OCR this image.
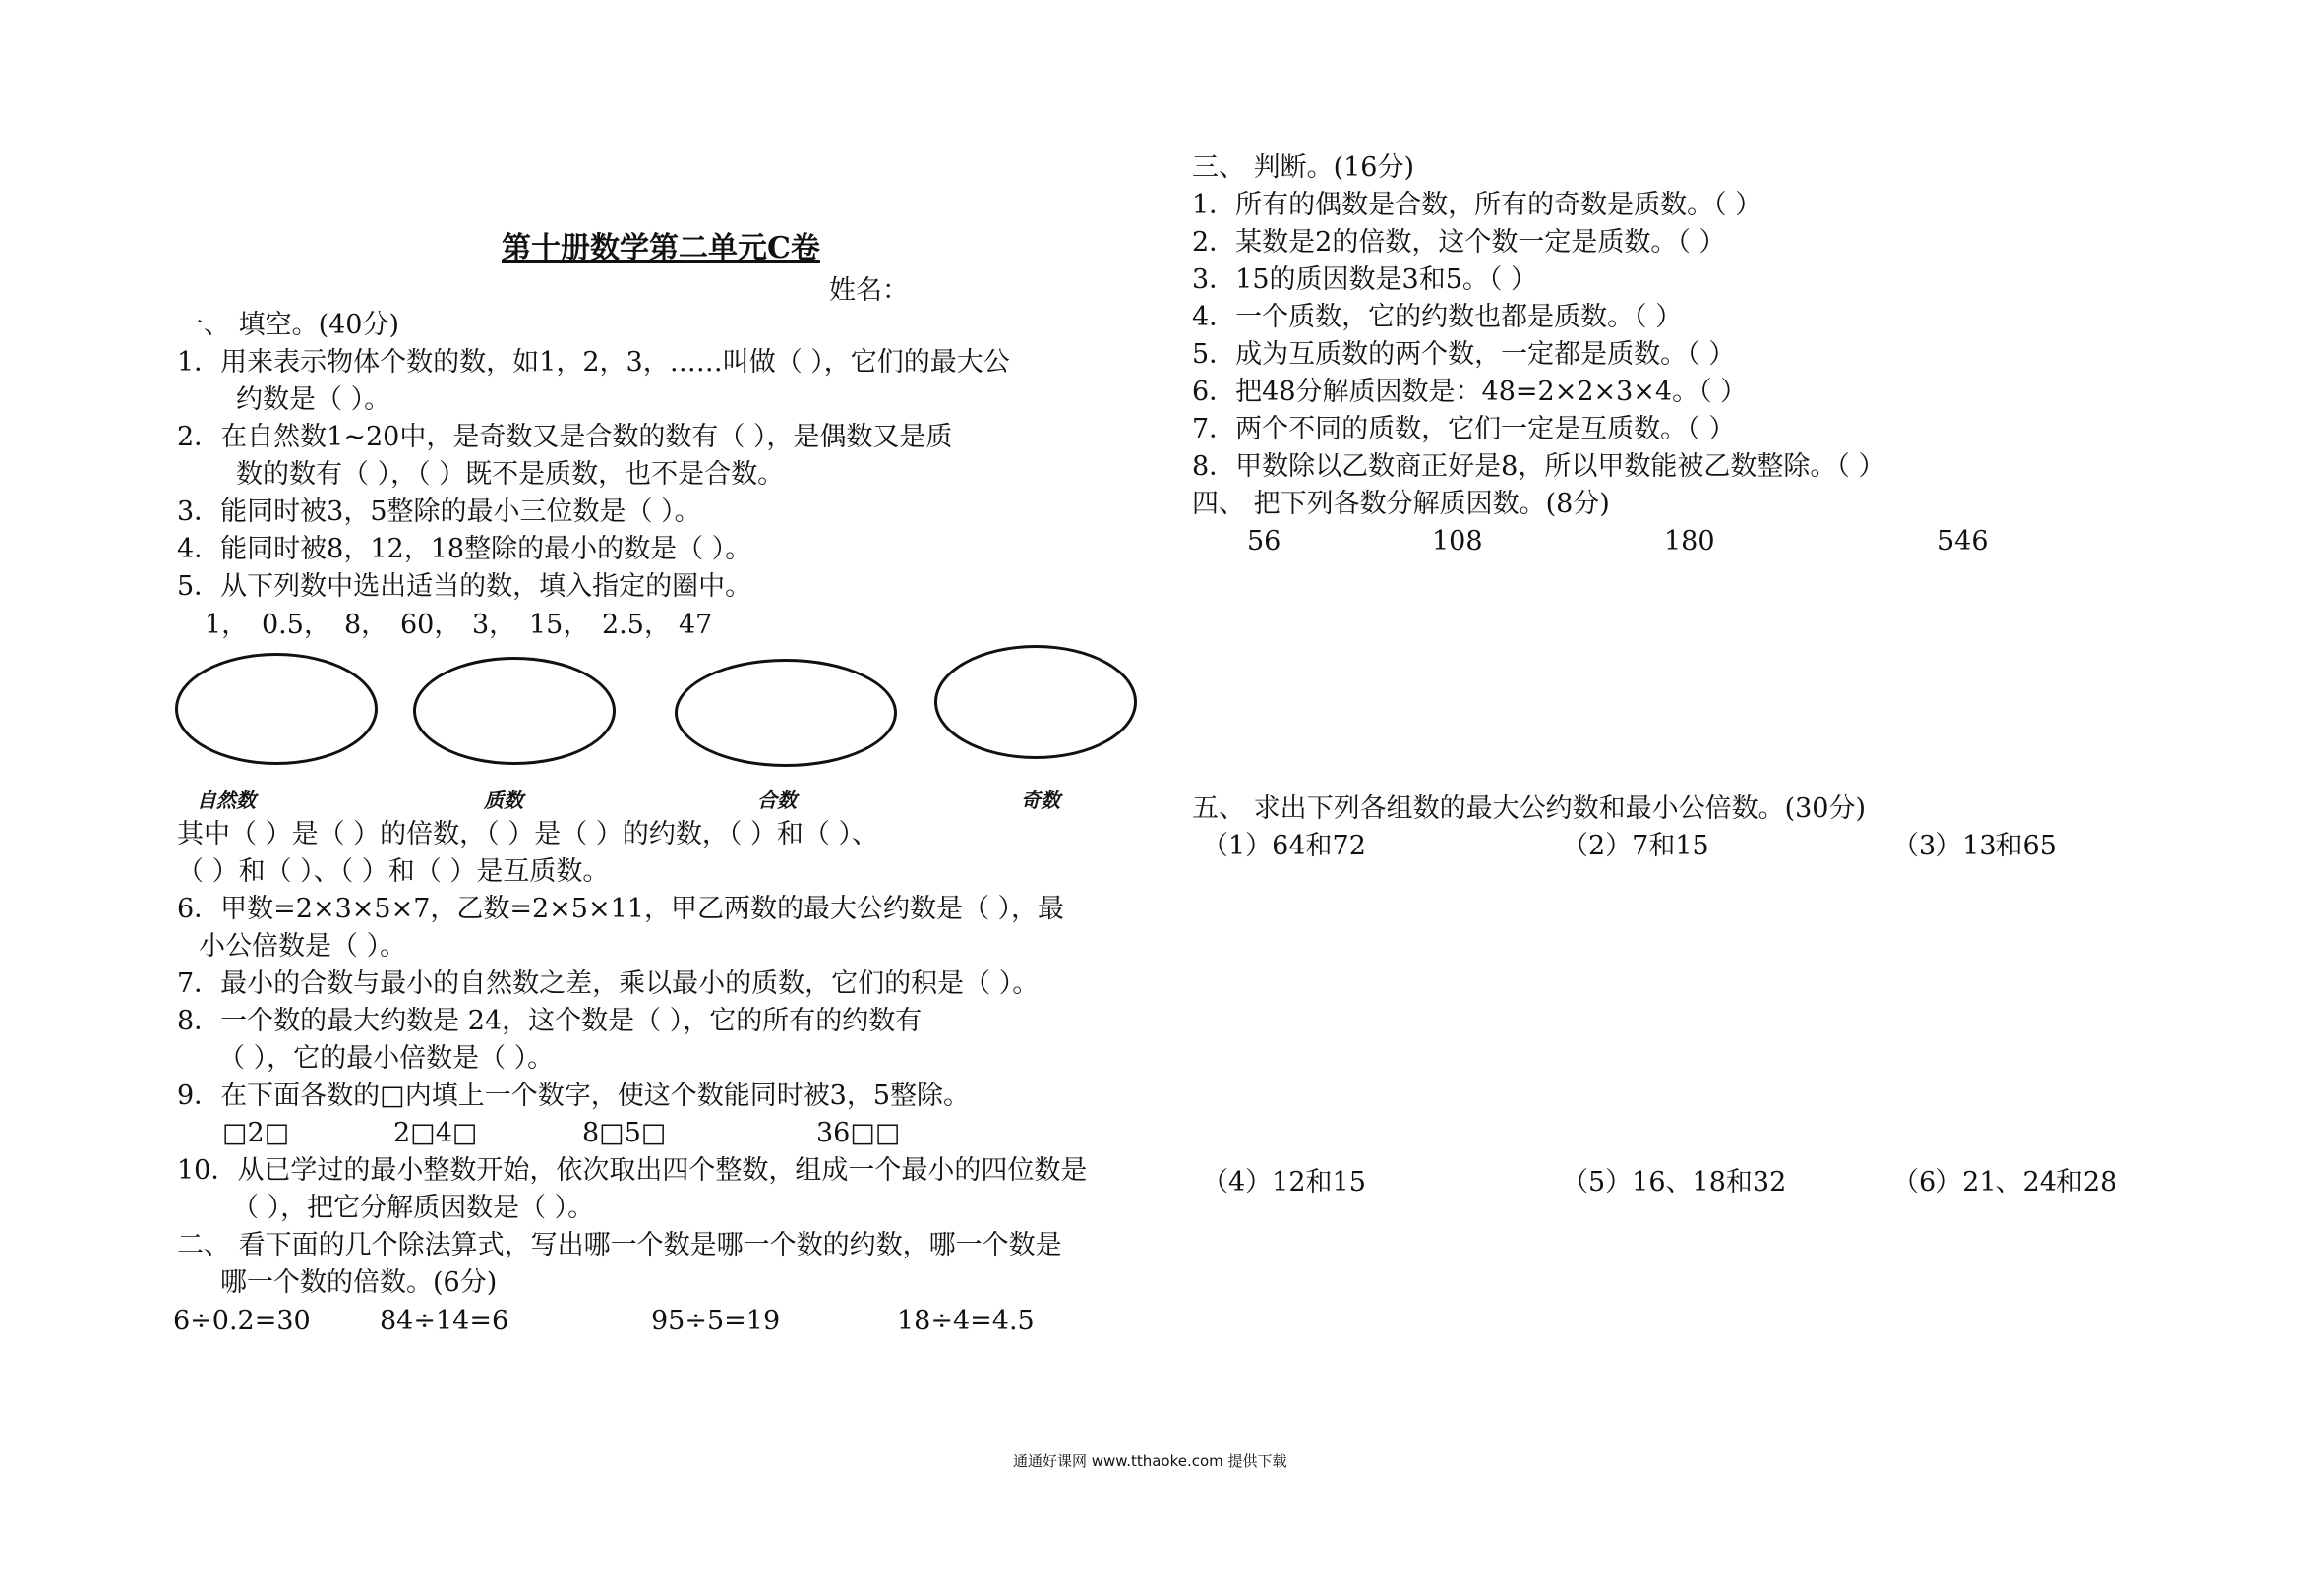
第十册数学第二单元C卷
姓名：
一、 填空。(40分)
1．用来表示物体个数的数，如1，2，3，……叫做（ ），它们的最大公
约数是（ ）。
2．在自然数1~20中，是奇数又是合数的数有（ ），是偶数又是质
数的数有（ ），（ ）既不是质数，也不是合数。
3．能同时被3，5整除的最小三位数是（ ）。
4．能同时被8，12，18整除的最小的数是（ ）。
5．从下列数中选出适当的数，填入指定的圈中。
1， 0.5， 8， 60， 3， 15， 2.5， 47
自然数	质数	合数	奇数
其中（ ）是（ ）的倍数，（ ）是（ ）的约数，（ ）和（ ）、
（ ）和（ ）、（ ）和（ ）是互质数。
6．甲数=2×3×5×7，乙数=2×5×11，甲乙两数的最大公约数是（ ），最
小公倍数是（ ）。
7．最小的合数与最小的自然数之差，乘以最小的质数，它们的积是（ ）。
8．一个数的最大约数是 24，这个数是（ ），它的所有的约数有
（ ），它的最小倍数是（ ）。
9．在下面各数的□内填上一个数字，使这个数能同时被3，5整除。
□2□	2□4□	8□5□	36□□
10．从已学过的最小整数开始，依次取出四个整数，组成一个最小的四位数是
（ ），把它分解质因数是（ ）。
二、 看下面的几个除法算式，写出哪一个数是哪一个数的约数，哪一个数是
哪一个数的倍数。(6分)
6÷0.2=30	84÷14=6	95÷5=19	18÷4=4.5
三、 判断。(16分)
1．所有的偶数是合数，所有的奇数是质数。（ ）
2．某数是2的倍数，这个数一定是质数。（ ）
3．15的质因数是3和5。（ ）
4．一个质数，它的约数也都是质数。（ ）
5．成为互质数的两个数，一定都是质数。（ ）
6．把48分解质因数是：48=2×2×3×4。（ ）
7．两个不同的质数，它们一定是互质数。（ ）
8．甲数除以乙数商正好是8，所以甲数能被乙数整除。（ ）
四、 把下列各数分解质因数。(8分)
56	108	180	546
五、 求出下列各组数的最大公约数和最小公倍数。(30分)
（1）64和72	（2）7和15	（3）13和65
（4）12和15	（5）16、18和32	（6）21、24和28
通通好课网 www.tthaoke.com 提供下载
